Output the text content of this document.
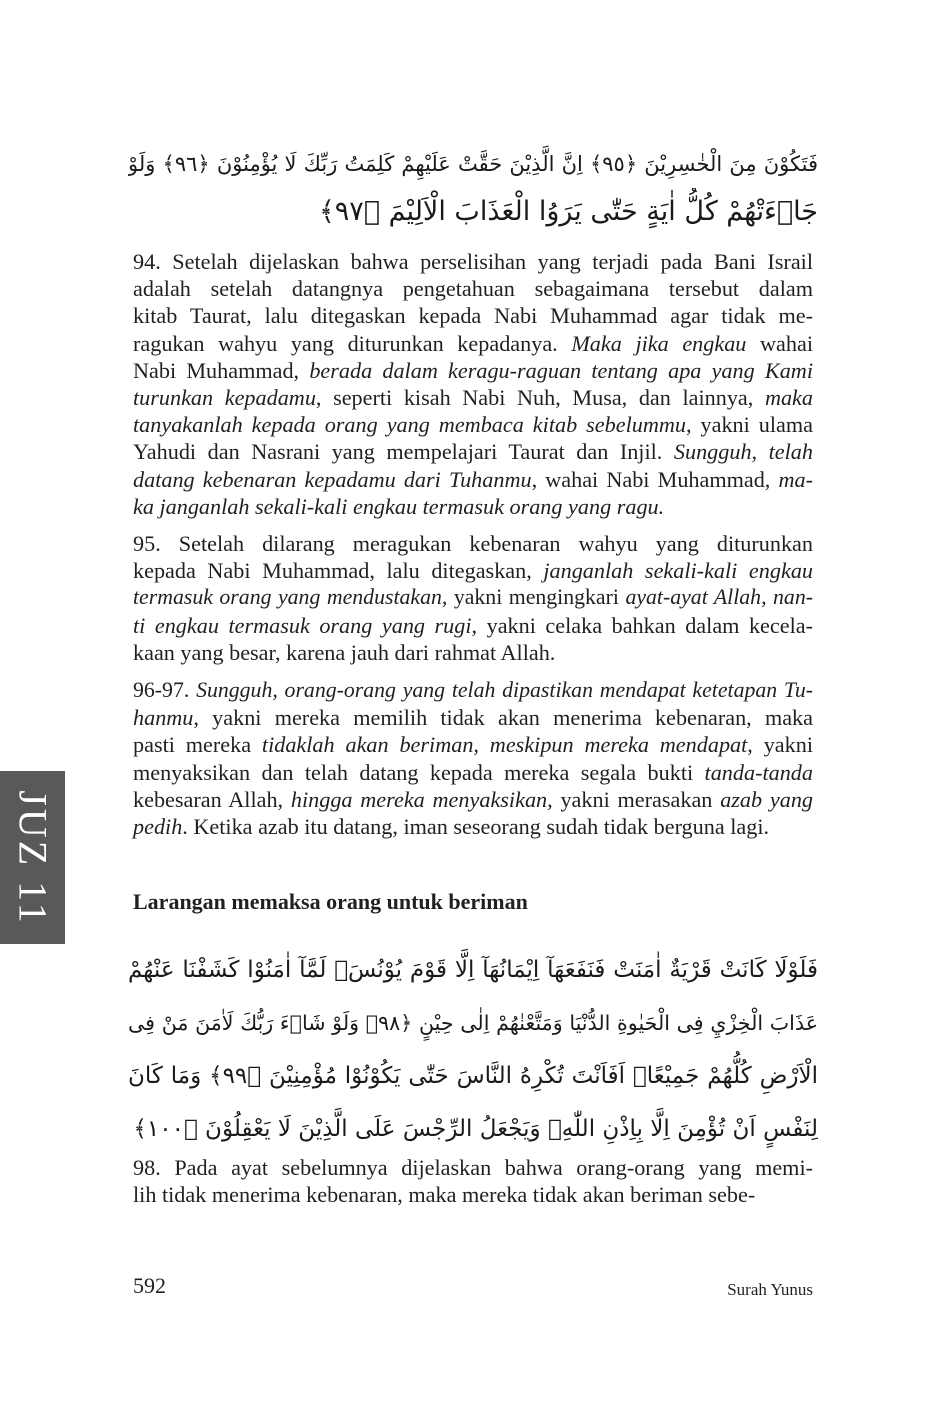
فَتَكُوْنَ مِنَ الْخٰسِرِيْنَ ﴿٩٥﴾ اِنَّ الَّذِيْنَ حَقَّتْ عَلَيْهِمْ كَلِمَتُ رَبِّكَ لَا يُؤْمِنُوْنَ ﴿٩٦﴾ وَلَوْ
جَاۤءَتْهُمْ كُلُّ اٰيَةٍ حَتّٰى يَرَوُا الْعَذَابَ الْاَلِيْمَ ﴿٩٧﴾
94. Setelah dijelaskan bahwa perselisihan yang terjadi pada Bani Israil
adalah setelah datangnya pengetahuan sebagaimana tersebut dalam
kitab Taurat, lalu ditegaskan kepada Nabi Muhammad agar tidak me-
ragukan wahyu yang diturunkan kepadanya. Maka jika engkau wahai
Nabi Muhammad, berada dalam keragu-raguan tentang apa yang Kami
turunkan kepadamu, seperti kisah Nabi Nuh, Musa, dan lainnya, maka
tanyakanlah kepada orang yang membaca kitab sebelummu, yakni ulama
Yahudi dan Nasrani yang mempelajari Taurat dan Injil. Sungguh, telah
datang kebenaran kepadamu dari Tuhanmu, wahai Nabi Muhammad, ma-
ka janganlah sekali-kali engkau termasuk orang yang ragu.
95. Setelah dilarang meragukan kebenaran wahyu yang diturunkan
kepada Nabi Muhammad, lalu ditegaskan, janganlah sekali-kali engkau
termasuk orang yang mendustakan, yakni mengingkari ayat-ayat Allah, nan-
ti engkau termasuk orang yang rugi, yakni celaka bahkan dalam kecela-
kaan yang besar, karena jauh dari rahmat Allah.
96-97. Sungguh, orang-orang yang telah dipastikan mendapat ketetapan Tu-
hanmu, yakni mereka memilih tidak akan menerima kebenaran, maka
pasti mereka tidaklah akan beriman, meskipun mereka mendapat, yakni
menyaksikan dan telah datang kepada mereka segala bukti tanda-tanda
kebesaran Allah, hingga mereka menyaksikan, yakni merasakan azab yang
pedih. Ketika azab itu datang, iman seseorang sudah tidak berguna lagi.
Larangan memaksa orang untuk beriman
فَلَوْلَا كَانَتْ قَرْيَةٌ اٰمَنَتْ فَنَفَعَهَآ اِيْمَانُهَآ اِلَّا قَوْمَ يُوْنُسَۗ لَمَّآ اٰمَنُوْا كَشَفْنَا عَنْهُمْ
عَذَابَ الْخِزْيِ فِى الْحَيٰوةِ الدُّنْيَا وَمَتَّعْنٰهُمْ اِلٰى حِيْنٍ ﴿٩٨﴾ وَلَوْ شَاۤءَ رَبُّكَ لَاٰمَنَ مَنْ فِى
الْاَرْضِ كُلُّهُمْ جَمِيْعًاۗ اَفَاَنْتَ تُكْرِهُ النَّاسَ حَتّٰى يَكُوْنُوْا مُؤْمِنِيْنَ ﴿٩٩﴾ وَمَا كَانَ
لِنَفْسٍ اَنْ تُؤْمِنَ اِلَّا بِاِذْنِ اللّٰهِۗ وَيَجْعَلُ الرِّجْسَ عَلَى الَّذِيْنَ لَا يَعْقِلُوْنَ ﴿١٠٠﴾
98. Pada ayat sebelumnya dijelaskan bahwa orang-orang yang memi-
lih tidak menerima kebenaran, maka mereka tidak akan beriman sebe-
JUZ 11
592	Surah Yunus
